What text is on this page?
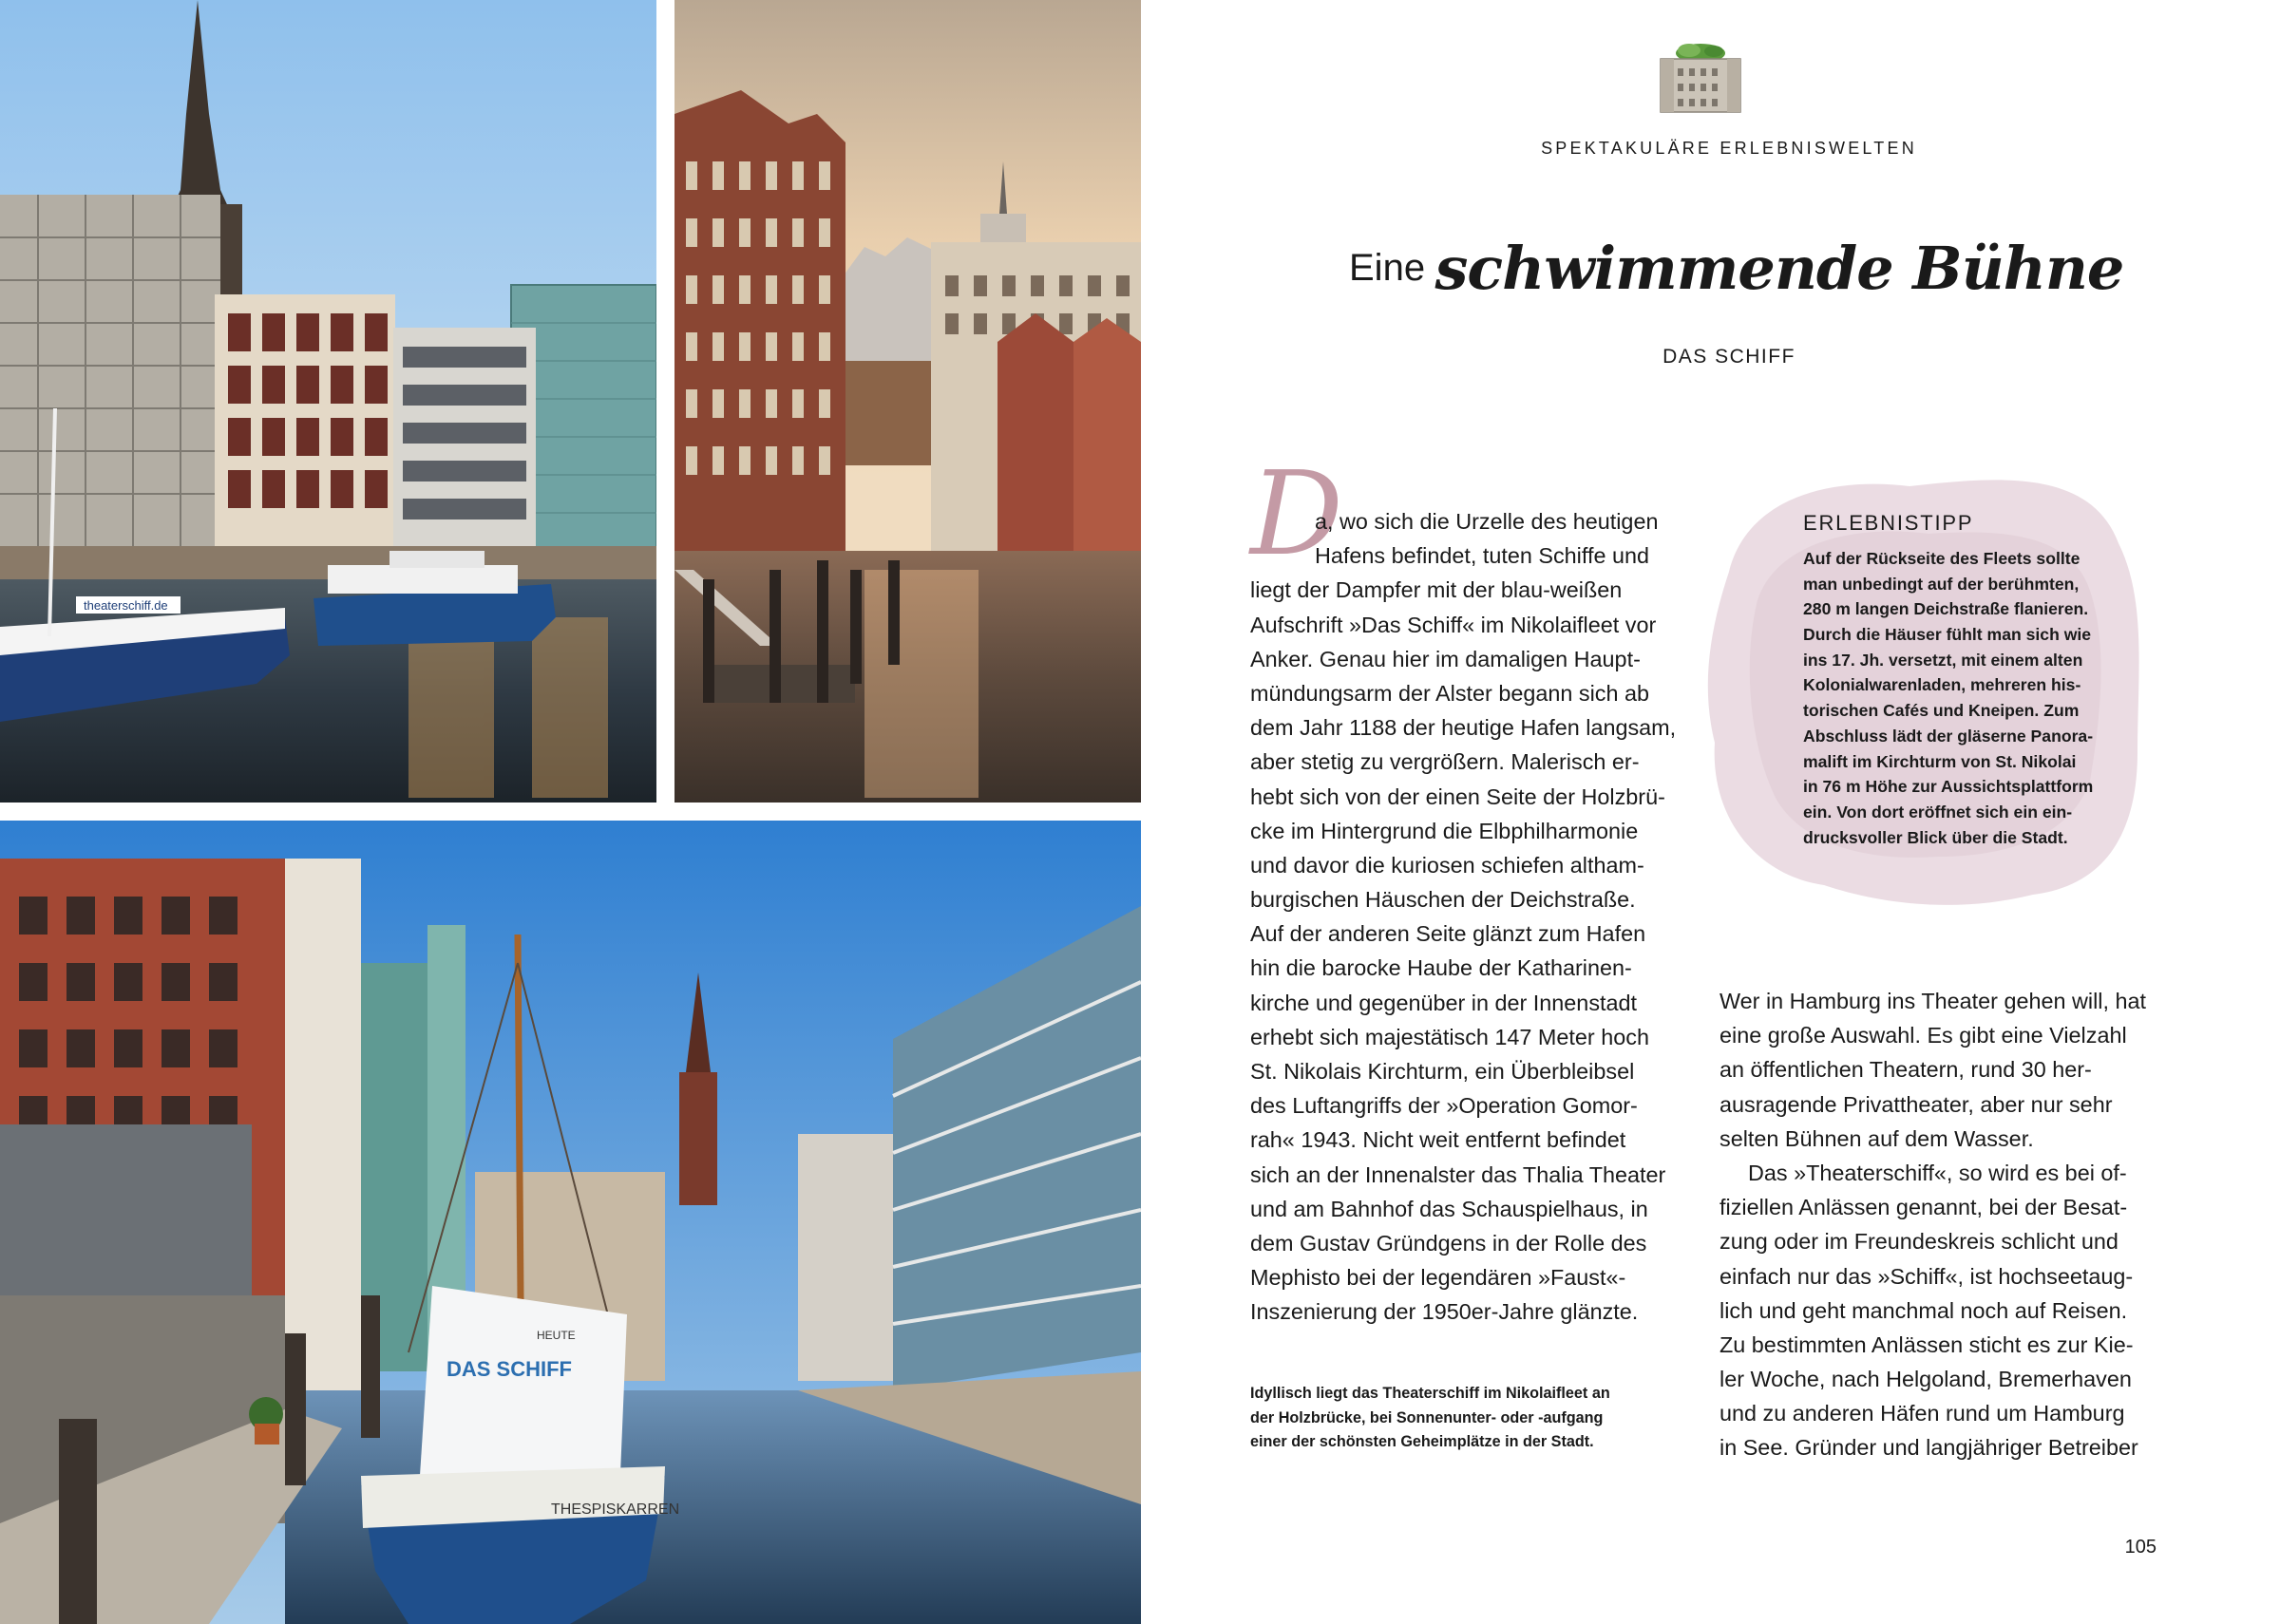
theaterschiff.de
DAS SCHIFF
HEUTE
THESPISKARREN
SPEKTAKULÄRE ERLEBNISWELTEN
Eine schwimmende Bühne
DAS SCHIFF
D
a, wo sich die Urzelle des heutigen
Hafens befindet, tuten Schiffe und
liegt der Dampfer mit der blau-weißen
Aufschrift »Das Schiff« im Nikolaifleet vor
Anker. Genau hier im damaligen Haupt-
mündungsarm der Alster begann sich ab
dem Jahr 1188 der heutige Hafen langsam,
aber stetig zu vergrößern. Malerisch er-
hebt sich von der einen Seite der Holzbrü-
cke im Hintergrund die Elbphilharmonie
und davor die kuriosen schiefen altham-
burgischen Häuschen der Deichstraße.
Auf der anderen Seite glänzt zum Hafen
hin die barocke Haube der Katharinen-
kirche und gegenüber in der Innenstadt
erhebt sich majestätisch 147 Meter hoch
St. Nikolais Kirchturm, ein Überbleibsel
des Luftangriffs der »Operation Gomor-
rah« 1943. Nicht weit entfernt befindet
sich an der Innenalster das Thalia Theater
und am Bahnhof das Schauspielhaus, in
dem Gustav Gründgens in der Rolle des
Mephisto bei der legendären »Faust«-
Inszenierung der 1950er-Jahre glänzte.
Idyllisch liegt das Theaterschiff im Nikolaifleet an
der Holzbrücke, bei Sonnenunter- oder -aufgang
einer der schönsten Geheimplätze in der Stadt.
ERLEBNISTIPP
Auf der Rückseite des Fleets sollte
man unbedingt auf der berühmten,
280 m langen Deichstraße flanieren.
Durch die Häuser fühlt man sich wie
ins 17. Jh. versetzt, mit einem alten
Kolonialwarenladen, mehreren his-
torischen Cafés und Kneipen. Zum
Abschluss lädt der gläserne Panora-
malift im Kirchturm von St. Nikolai
in 76 m Höhe zur Aussichtsplattform
ein. Von dort eröffnet sich ein ein-
drucksvoller Blick über die Stadt.
Wer in Hamburg ins Theater gehen will, hat
eine große Auswahl. Es gibt eine Vielzahl
an öffentlichen Theatern, rund 30 her-
ausragende Privattheater, aber nur sehr
selten Bühnen auf dem Wasser.
Das »Theaterschiff«, so wird es bei of-
fiziellen Anlässen genannt, bei der Besat-
zung oder im Freundeskreis schlicht und
einfach nur das »Schiff«, ist hochseetaug-
lich und geht manchmal noch auf Reisen.
Zu bestimmten Anlässen sticht es zur Kie-
ler Woche, nach Helgoland, Bremerhaven
und zu anderen Häfen rund um Hamburg
in See. Gründer und langjähriger Betreiber
105
